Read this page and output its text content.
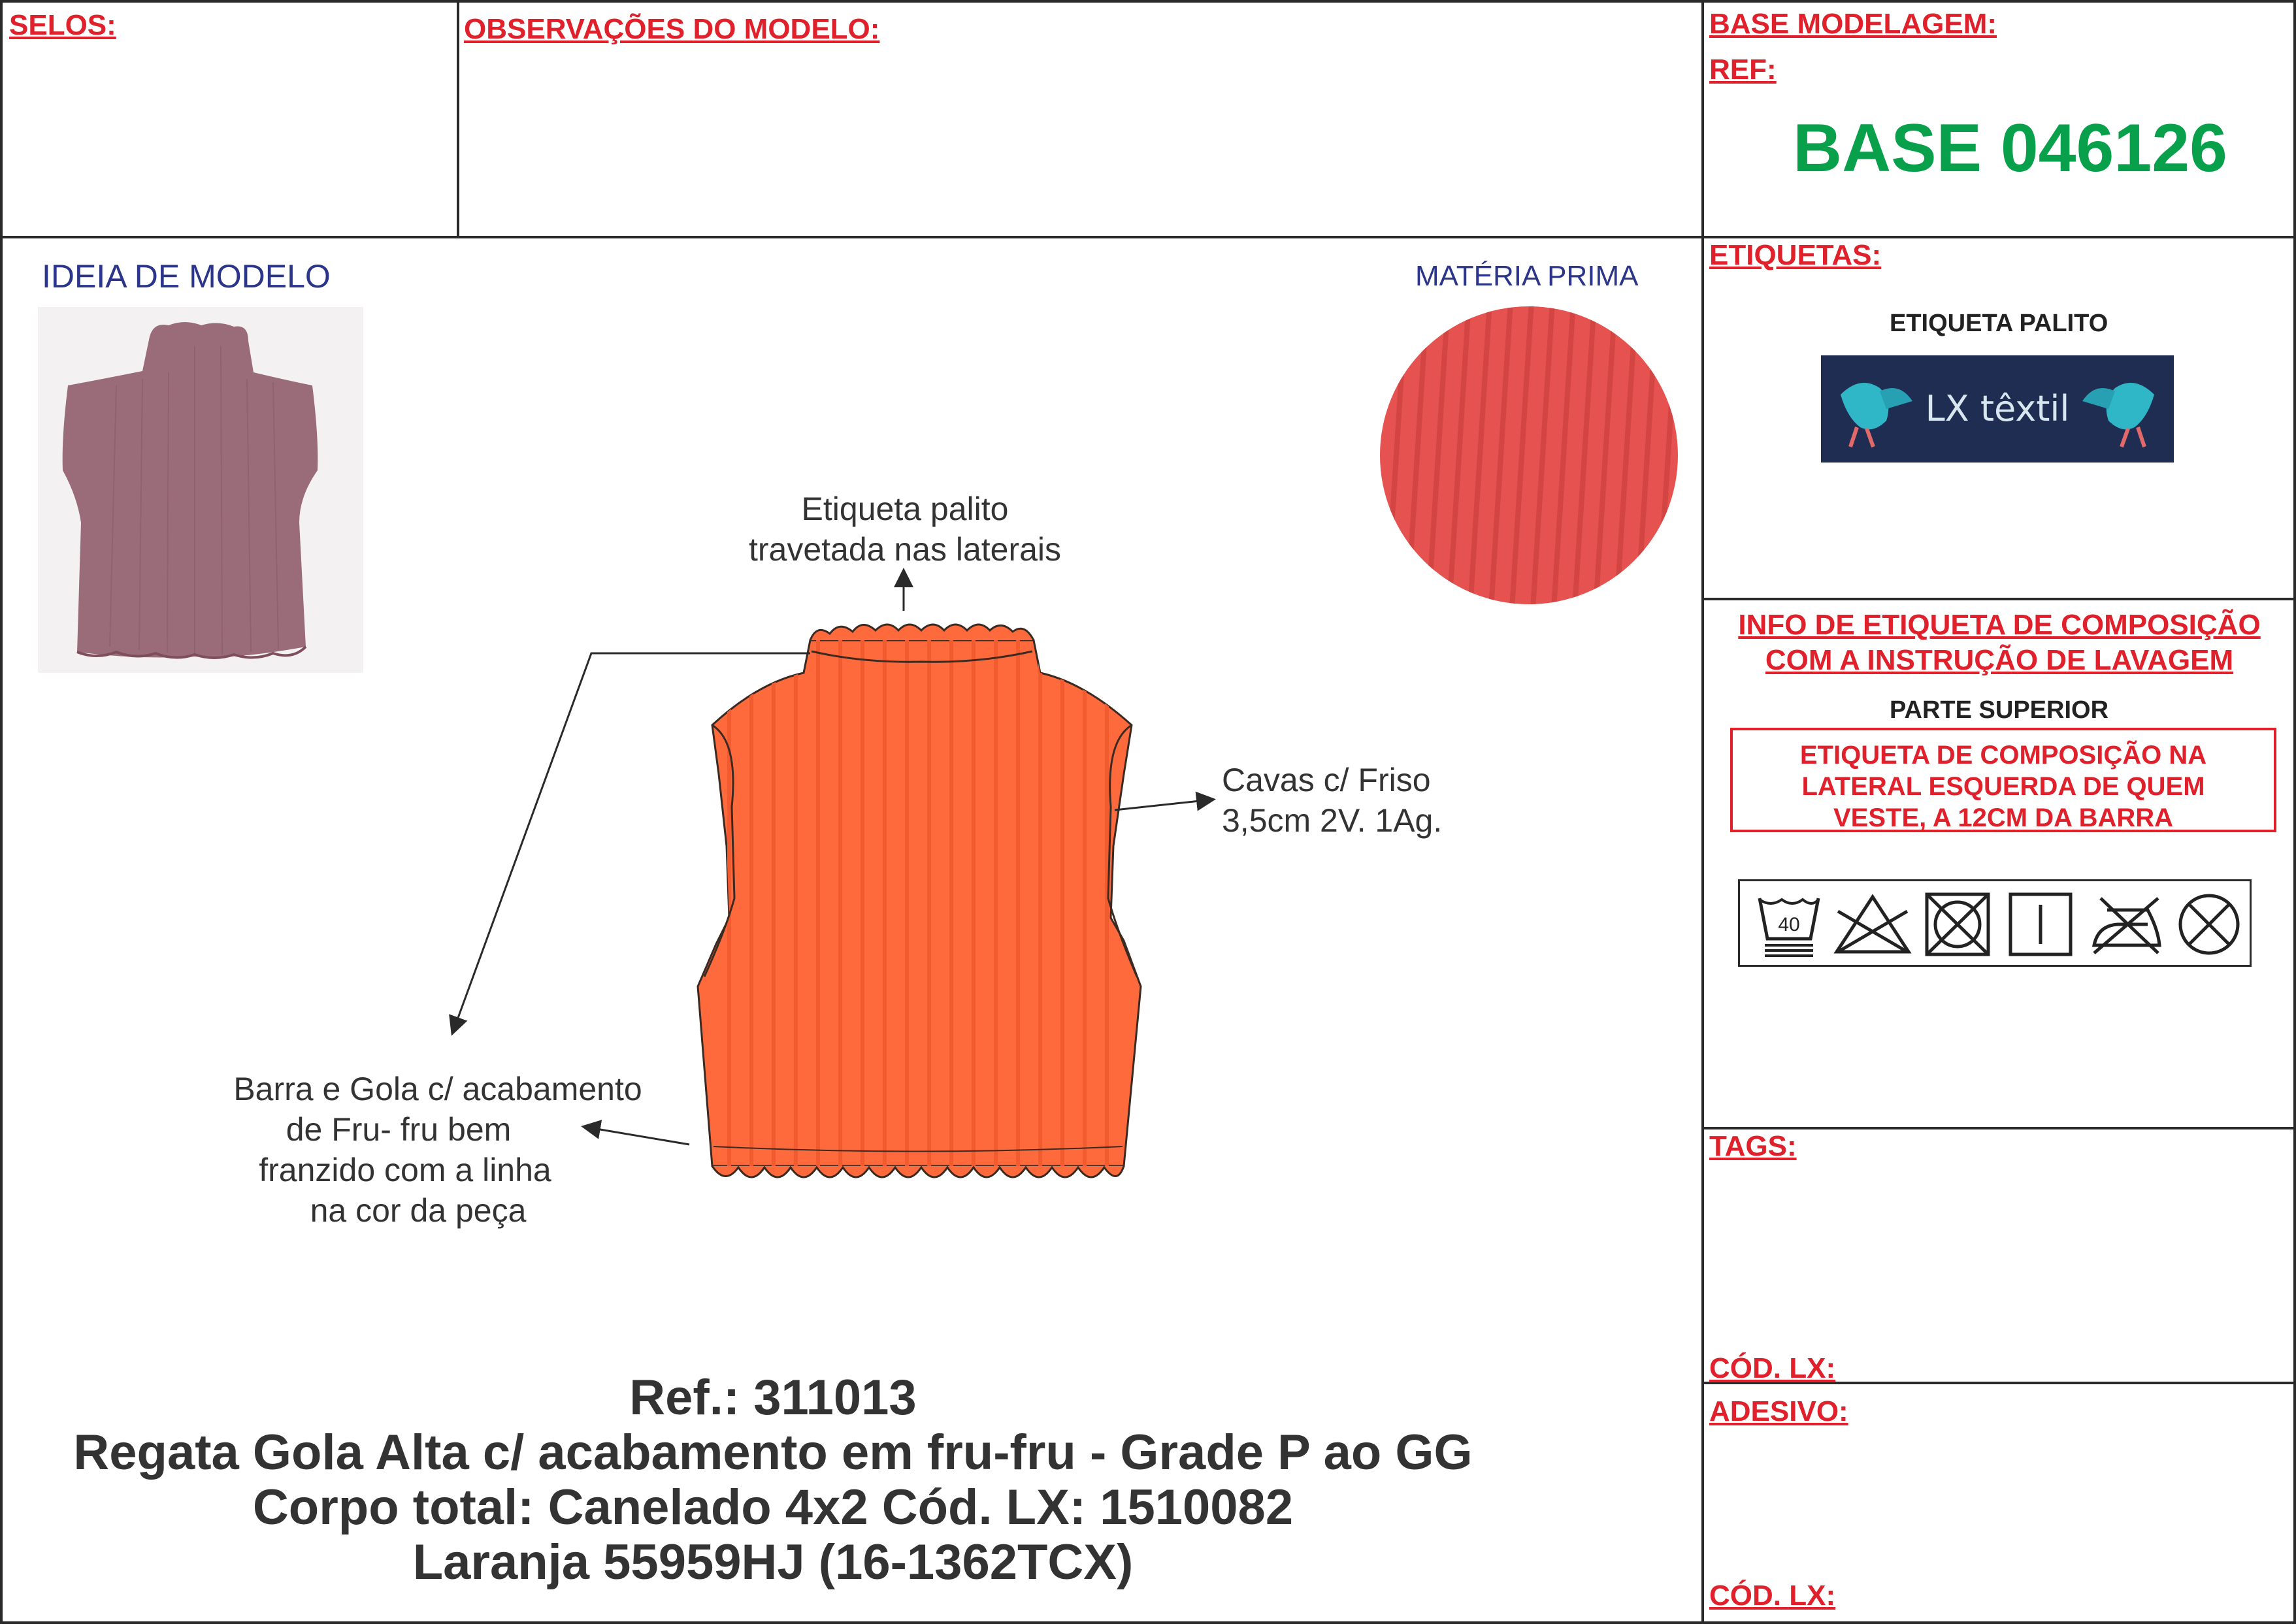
SELOS:	OBSERVAÇÕES DO MODELO:	BASE MODELAGEM:
REF:
BASE 046126
IDEIA DE MODELO	MATÉRIA PRIMA
Etiqueta palito
travetada nas laterais
Cavas c/ Friso
3,5cm 2V. 1Ag.
Barra e Gola c/ acabamento
de Fru- fru bem
franzido com a linha
na cor da peça
Ref.: 311013
Regata Gola Alta c/ acabamento em fru-fru - Grade P ao GG
Corpo total: Canelado 4x2 Cód. LX: 1510082
Laranja 55959HJ (16-1362TCX)
ETIQUETAS:
ETIQUETA PALITO
LX têxtil
INFO DE ETIQUETA DE COMPOSIÇÃO
COM A INSTRUÇÃO DE LAVAGEM
PARTE SUPERIOR
ETIQUETA DE COMPOSIÇÃO NA
LATERAL ESQUERDA DE QUEM
VESTE, A 12CM DA BARRA
40
TAGS:
CÓD. LX:
ADESIVO:
CÓD. LX:
